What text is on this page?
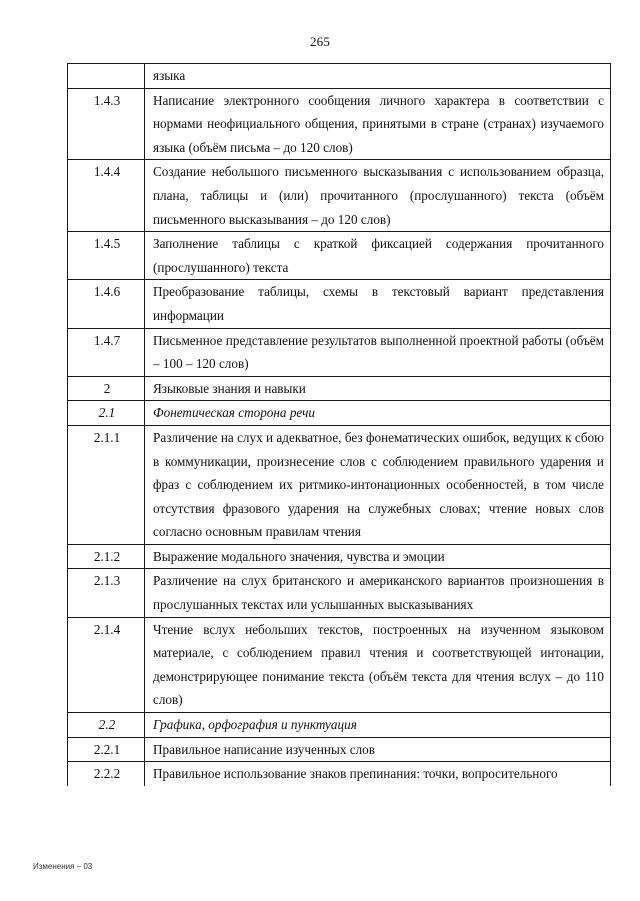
265
	языка
1.4.3	Написание электронного сообщения личного характера в соответствии с нормами неофициального общения, принятыми в стране (странах) изучаемого языка (объём письма – до 120 слов)
1.4.4	Создание небольшого письменного высказывания с использованием образца, плана, таблицы и (или) прочитанного (прослушанного) текста (объём письменного высказывания – до 120 слов)
1.4.5	Заполнение таблицы с краткой фиксацией содержания прочитанного (прослушанного) текста
1.4.6	Преобразование таблицы, схемы в текстовый вариант представления информации
1.4.7	Письменное представление результатов выполненной проектной работы (объём – 100 – 120 слов)
2	Языковые знания и навыки
2.1	Фонетическая сторона речи
2.1.1	Различение на слух и адекватное, без фонематических ошибок, ведущих к сбою в коммуникации, произнесение слов с соблюдением правильного ударения и фраз с соблюдением их ритмико-интонационных особенностей, в том числе отсутствия фразового ударения на служебных словах; чтение новых слов согласно основным правилам чтения
2.1.2	Выражение модального значения, чувства и эмоции
2.1.3	Различение на слух британского и американского вариантов произношения в прослушанных текстах или услышанных высказываниях
2.1.4	Чтение вслух небольших текстов, построенных на изученном языковом материале, с соблюдением правил чтения и соответствующей интонации, демонстрирующее понимание текста (объём текста для чтения вслух – до 110 слов)
2.2	Графика, орфография и пунктуация
2.2.1	Правильное написание изученных слов
2.2.2	Правильное использование знаков препинания: точки, вопросительного
Изменения – 03
